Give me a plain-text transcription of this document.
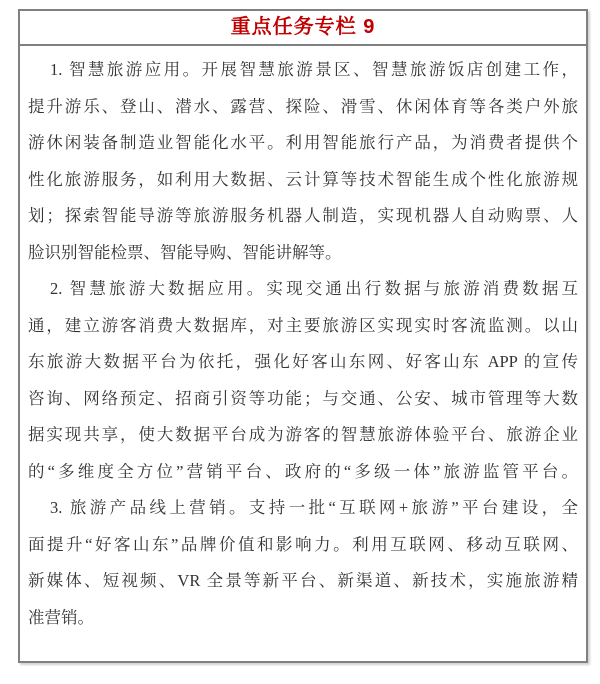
重点任务专栏 9
1. 智慧旅游应用。开展智慧旅游景区、智慧旅游饭店创建工作，
提升游乐、登山、潜水、露营、探险、滑雪、休闲体育等各类户外旅
游休闲装备制造业智能化水平。利用智能旅行产品，为消费者提供个
性化旅游服务，如利用大数据、云计算等技术智能生成个性化旅游规
划；探索智能导游等旅游服务机器人制造，实现机器人自动购票、人
脸识别智能检票、智能导购、智能讲解等。
2. 智慧旅游大数据应用。实现交通出行数据与旅游消费数据互
通，建立游客消费大数据库，对主要旅游区实现实时客流监测。以山
东旅游大数据平台为依托，强化好客山东网、好客山东 APP 的宣传
咨询、网络预定、招商引资等功能；与交通、公安、城市管理等大数
据实现共享，使大数据平台成为游客的智慧旅游体验平台、旅游企业
的“多维度全方位”营销平台、政府的“多级一体”旅游监管平台。
3. 旅游产品线上营销。支持一批“互联网+旅游”平台建设，全
面提升“好客山东”品牌价值和影响力。利用互联网、移动互联网、
新媒体、短视频、VR 全景等新平台、新渠道、新技术，实施旅游精
准营销。
